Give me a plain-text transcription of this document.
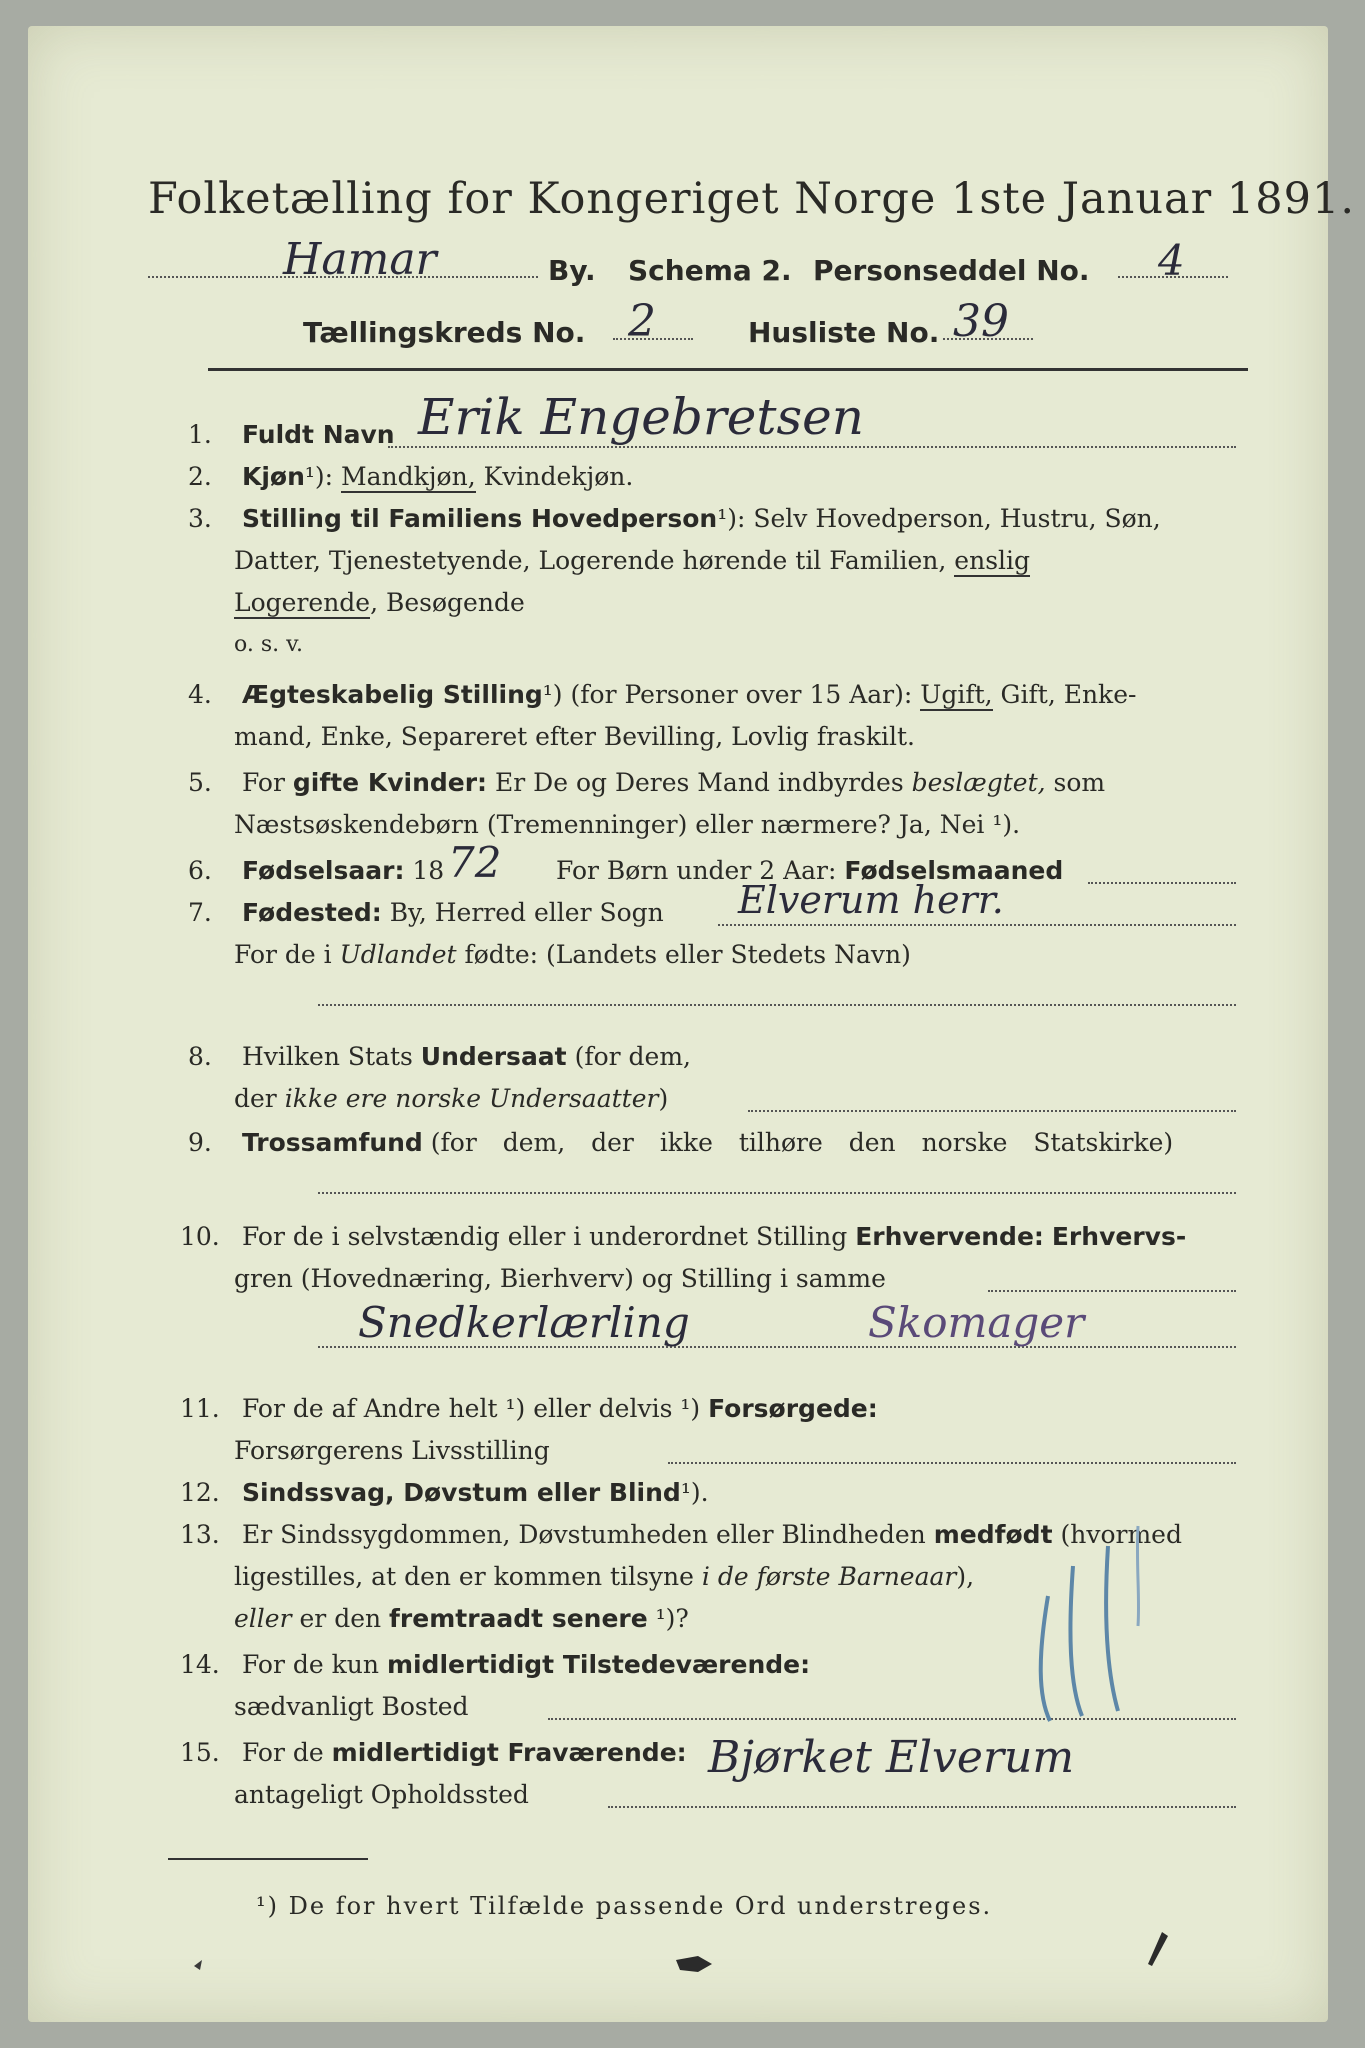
Folketælling for Kongeriget Norge 1ste Januar 1891.
Hamar	By. Schema 2. Personseddel No. 4
Tællingskreds No. 2	Husliste No. 39
1. Fuldt Navn Erik Engebretsen
2. Kjøn¹): Mandkjøn, Kvindekjøn.
3. Stilling til Familiens Hovedperson¹): Selv Hovedperson, Hustru, Søn,
Datter, Tjenestetyende, Logerende hørende til Familien, enslig
Logerende, Besøgende
o. s. v.
4. Ægteskabelig Stilling¹) (for Personer over 15 Aar): Ugift, Gift, Enke-
mand, Enke, Separeret efter Bevilling, Lovlig fraskilt.
5. For gifte Kvinder: Er De og Deres Mand indbyrdes beslægtet, som
Næstsøskendebørn (Tremenninger) eller nærmere? Ja, Nei ¹).
6. Fødselsaar: 18 72 For Børn under 2 Aar: Fødselsmaaned
7. Fødested: By, Herred eller Sogn Elverum herr.
For de i Udlandet fødte: (Landets eller Stedets Navn)
8. Hvilken Stats Undersaat (for dem,
der ikke ere norske Undersaatter)
9. Trossamfund (for dem, der ikke tilhøre den norske Statskirke)
10. For de i selvstændig eller i underordnet Stilling Erhvervende: Erhvervs-
gren (Hovednæring, Bierhverv) og Stilling i samme
Snedkerlærling	Skomager
11. For de af Andre helt ¹) eller delvis ¹) Forsørgede:
Forsørgerens Livsstilling
12. Sindssvag, Døvstum eller Blind¹).
13. Er Sindssygdommen, Døvstumheden eller Blindheden medfødt (hvormed
ligestilles, at den er kommen tilsyne i de første Barneaar),
eller er den fremtraadt senere ¹)?
14. For de kun midlertidigt Tilstedeværende:
sædvanligt Bosted
15. For de midlertidigt Fraværende:
antageligt Opholdssted
Bjørket Elverum
¹) De for hvert Tilfælde passende Ord understreges.
